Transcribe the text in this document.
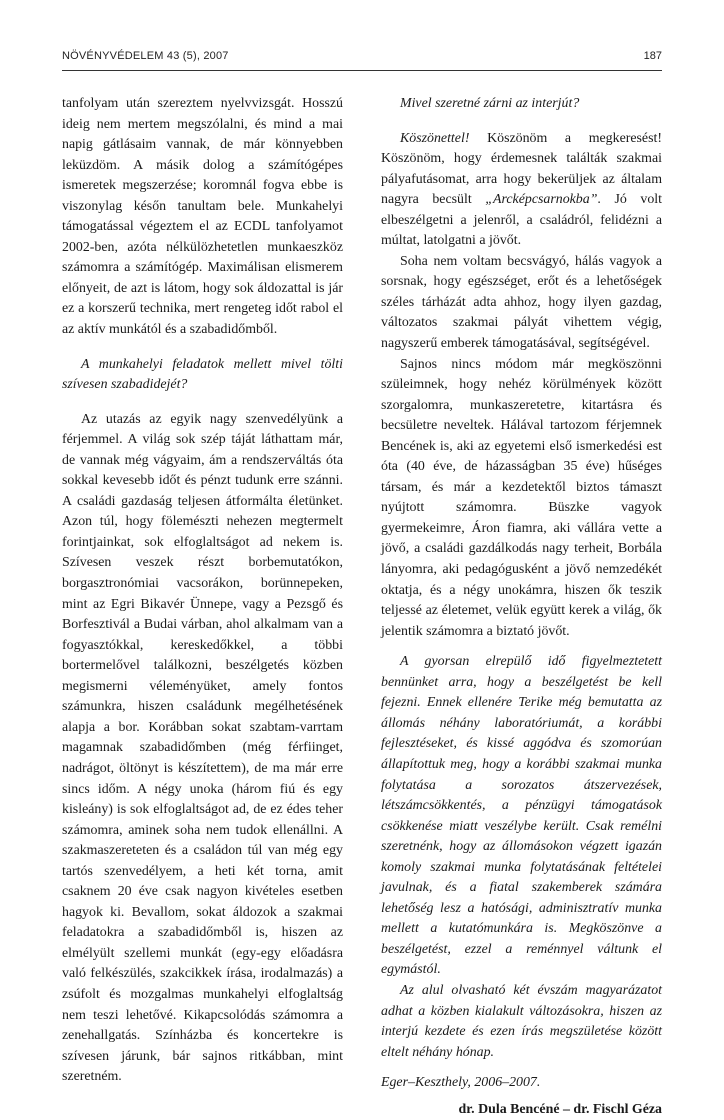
NÖVÉNYVÉDELEM 43 (5), 2007	187

tanfolyam után szereztem nyelvvizsgát. Hosszú ideig nem mertem megszólalni, és mind a mai napig gátlásaim vannak, de már könnyebben leküzdöm. A másik dolog a számítógépes ismeretek megszerzése; koromnál fogva ebbe is viszonylag későn tanultam bele. Munkahelyi támogatással végeztem el az ECDL tanfolyamot 2002-ben, azóta nélkülözhetetlen munkaeszköz számomra a számítógép. Maximálisan elismerem előnyeit, de azt is látom, hogy sok áldozattal is jár ez a korszerű technika, mert rengeteg időt rabol el az aktív munkától és a szabadidőmből.

A munkahelyi feladatok mellett mivel tölti szívesen szabadidejét?

Az utazás az egyik nagy szenvedélyünk a férjemmel. A világ sok szép táját láthattam már, de vannak még vágyaim, ám a rendszerváltás óta sokkal kevesebb időt és pénzt tudunk erre szánni. A családi gazdaság teljesen átformálta életünket. Azon túl, hogy fölemészti nehezen megtermelt forintjainkat, sok elfoglaltságot ad nekem is. Szívesen veszek részt borbemutatókon, borgasztronómiai vacsorákon, borünnepeken, mint az Egri Bikavér Ünnepe, vagy a Pezsgő és Borfesztivál a Budai várban, ahol alkalmam van a fogyasztókkal, kereskedőkkel, a többi bortermelővel találkozni, beszélgetés közben megismerni véleményüket, amely fontos számunkra, hiszen családunk megélhetésének alapja a bor. Korábban sokat szabtam-varrtam magamnak szabadidőmben (még férfiinget, nadrágot, öltönyt is készítettem), de ma már erre sincs időm. A négy unoka (három fiú és egy kisleány) is sok elfoglaltságot ad, de ez édes teher számomra, aminek soha nem tudok ellenállni. A szakmaszereteten és a családon túl van még egy tartós szenvedélyem, a heti két torna, amit csaknem 20 éve csak nagyon kivételes esetben hagyok ki. Bevallom, sokat áldozok a szakmai feladatokra a szabadidőmből is, hiszen az elmélyült szellemi munkát (egy-egy előadásra való felkészülés, szakcikkek írása, irodalmazás) a zsúfolt és mozgalmas munkahelyi elfoglaltság nem teszi lehetővé. Kikapcsolódás számomra a zenehallgatás. Színházba és koncertekre is szívesen járunk, bár sajnos ritkábban, mint szeretném.

Mivel szeretné zárni az interjút?

Köszönettel! Köszönöm a megkeresést! Köszönöm, hogy érdemesnek találták szakmai pályafutásomat, arra hogy bekerüljek az általam nagyra becsült „Arcképcsarnokba”. Jó volt elbeszélgetni a jelenről, a családról, felidézni a múltat, latolgatni a jövőt.

Soha nem voltam becsvágyó, hálás vagyok a sorsnak, hogy egészséget, erőt és a lehetőségek széles tárházát adta ahhoz, hogy ilyen gazdag, változatos szakmai pályát vihettem végig, nagyszerű emberek támogatásával, segítségével.

Sajnos nincs módom már megköszönni szüleimnek, hogy nehéz körülmények között szorgalomra, munkaszeretetre, kitartásra és becsületre neveltek. Hálával tartozom férjemnek Bencének is, aki az egyetemi első ismerkedési est óta (40 éve, de házasságban 35 éve) hűséges társam, és már a kezdetektől biztos támaszt nyújtott számomra. Büszke vagyok gyermekeimre, Áron fiamra, aki vállára vette a jövő, a családi gazdálkodás nagy terheit, Borbála lányomra, aki pedagógusként a jövő nemzedékét oktatja, és a négy unokámra, hiszen ők teszik teljessé az életemet, velük együtt kerek a világ, ők jelentik számomra a biztató jövőt.

A gyorsan elrepülő idő figyelmeztetett bennünket arra, hogy a beszélgetést be kell fejezni. Ennek ellenére Terike még bemutatta az állomás néhány laboratóriumát, a korábbi fejlesztéseket, és kissé aggódva és szomorúan állapítottuk meg, hogy a korábbi szakmai munka folytatása a sorozatos átszervezések, létszámcsökkentés, a pénzügyi támogatások csökkenése miatt veszélybe került. Csak remélni szeretnénk, hogy az állomásokon végzett igazán komoly szakmai munka folytatásának feltételei javulnak, és a fiatal szakemberek számára lehetőség lesz a hatósági, adminisztratív munka mellett a kutatómunkára is. Megköszönve a beszélgetést, ezzel a reménnyel váltunk el egymástól.

Az alul olvasható két évszám magyarázatot adhat a közben kialakult változásokra, hiszen az interjú kezdete és ezen írás megszületése között eltelt néhány hónap.

Eger–Keszthely, 2006–2007.

dr. Dula Bencéné – dr. Fischl Géza
